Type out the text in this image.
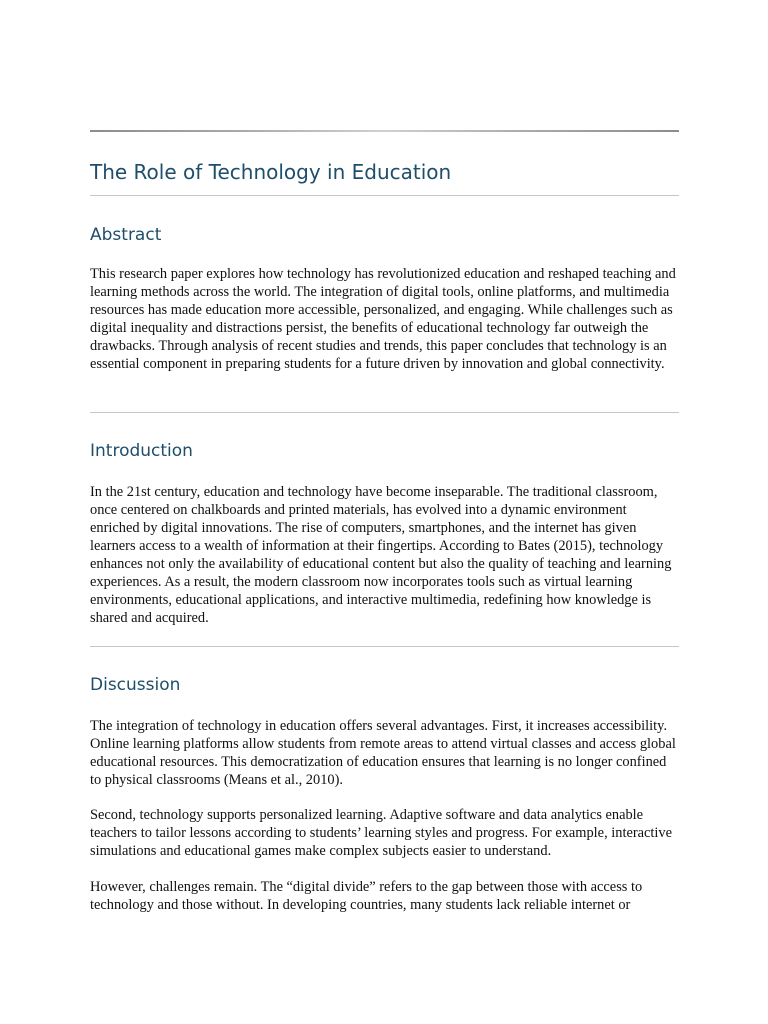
The Role of Technology in Education
Abstract

This research paper explores how technology has revolutionized education and reshaped teaching and learning methods across the world. The integration of digital tools, online platforms, and multimedia resources has made education more accessible, personalized, and engaging. While challenges such as digital inequality and distractions persist, the benefits of educational technology far outweigh the drawbacks. Through analysis of recent studies and trends, this paper concludes that technology is an essential component in preparing students for a future driven by innovation and global connectivity.

Introduction

In the 21st century, education and technology have become inseparable. The traditional classroom, once centered on chalkboards and printed materials, has evolved into a dynamic environment enriched by digital innovations. The rise of computers, smartphones, and the internet has given learners access to a wealth of information at their fingertips. According to Bates (2015), technology enhances not only the availability of educational content but also the quality of teaching and learning experiences. As a result, the modern classroom now incorporates tools such as virtual learning environments, educational applications, and interactive multimedia, redefining how knowledge is shared and acquired.

Discussion

The integration of technology in education offers several advantages. First, it increases accessibility. Online learning platforms allow students from remote areas to attend virtual classes and access global educational resources. This democratization of education ensures that learning is no longer confined to physical classrooms (Means et al., 2010).

Second, technology supports personalized learning. Adaptive software and data analytics enable teachers to tailor lessons according to students’ learning styles and progress. For example, interactive simulations and educational games make complex subjects easier to understand.

However, challenges remain. The “digital divide” refers to the gap between those with access to technology and those without. In developing countries, many students lack reliable internet or
